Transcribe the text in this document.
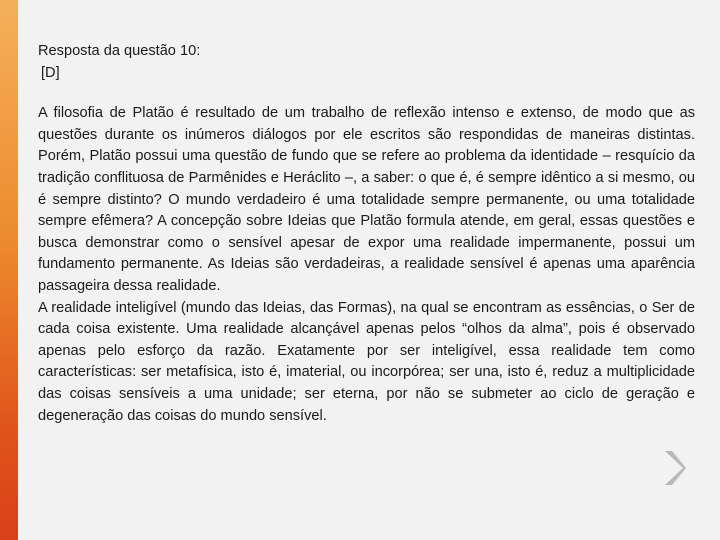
Resposta da questão 10:
[D]

A filosofia de Platão é resultado de um trabalho de reflexão intenso e extenso, de modo que as questões durante os inúmeros diálogos por ele escritos são respondidas de maneiras distintas. Porém, Platão possui uma questão de fundo que se refere ao problema da identidade – resquício da tradição conflituosa de Parmênides e Heráclito –, a saber: o que é, é sempre idêntico a si mesmo, ou é sempre distinto? O mundo verdadeiro é uma totalidade sempre permanente, ou uma totalidade sempre efêmera? A concepção sobre Ideias que Platão formula atende, em geral, essas questões e busca demonstrar como o sensível apesar de expor uma realidade impermanente, possui um fundamento permanente. As Ideias são verdadeiras, a realidade sensível é apenas uma aparência passageira dessa realidade.

A realidade inteligível (mundo das Ideias, das Formas), na qual se encontram as essências, o Ser de cada coisa existente. Uma realidade alcançável apenas pelos “olhos da alma”, pois é observado apenas pelo esforço da razão. Exatamente por ser inteligível, essa realidade tem como características: ser metafísica, isto é, imaterial, ou incorpórea; ser una, isto é, reduz a multiplicidade das coisas sensíveis a uma unidade; ser eterna, por não se submeter ao ciclo de geração e degeneração das coisas do mundo sensível.
